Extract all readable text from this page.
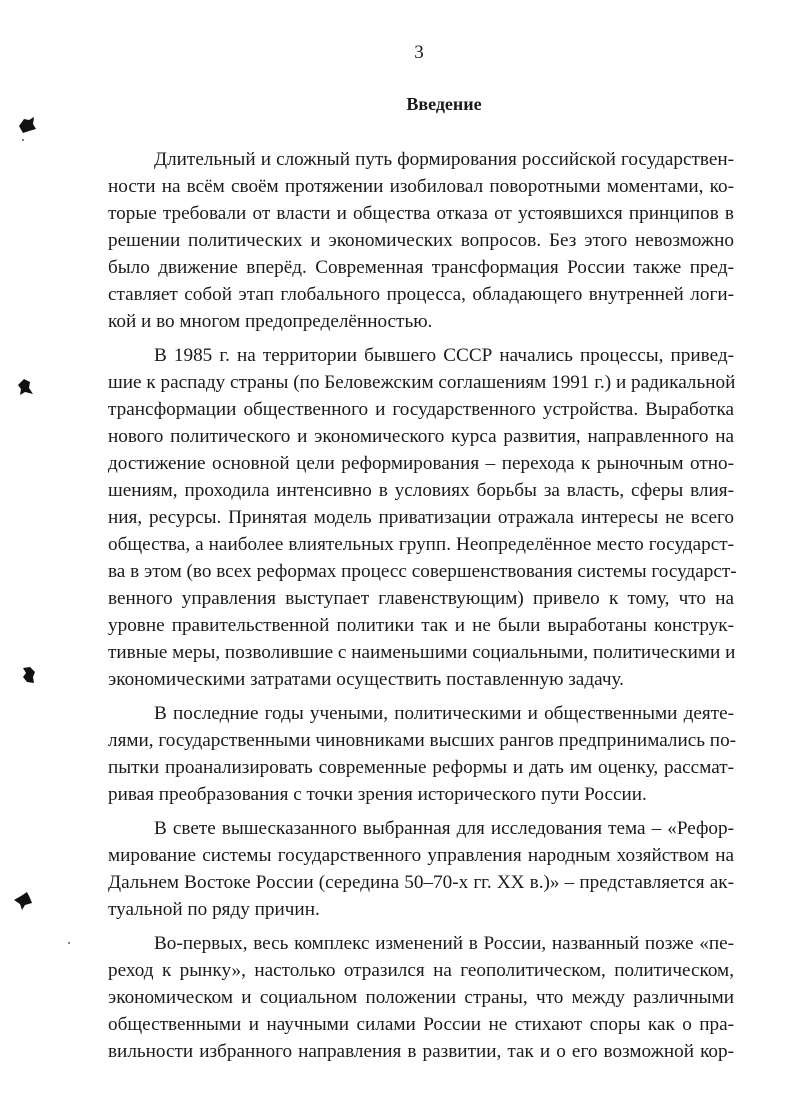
3
Введение
Длительный и сложный путь формирования российской государствен-
ности на всём своём протяжении изобиловал поворотными моментами, ко-
торые требовали от власти и общества отказа от устоявшихся принципов в
решении политических и экономических вопросов. Без этого невозможно
было движение вперёд. Современная трансформация России также пред-
ставляет собой этап глобального процесса, обладающего внутренней логи-
кой и во многом предопределённостью.
В 1985 г. на территории бывшего СССР начались процессы, привед-
шие к распаду страны (по Беловежским соглашениям 1991 г.) и радикальной
трансформации общественного и государственного устройства. Выработка
нового политического и экономического курса развития, направленного на
достижение основной цели реформирования – перехода к рыночным отно-
шениям, проходила интенсивно в условиях борьбы за власть, сферы влия-
ния, ресурсы. Принятая модель приватизации отражала интересы не всего
общества, а наиболее влиятельных групп. Неопределённое место государст-
ва в этом (во всех реформах процесс совершенствования системы государст-
венного управления выступает главенствующим) привело к тому, что на
уровне правительственной политики так и не были выработаны конструк-
тивные меры, позволившие с наименьшими социальными, политическими и
экономическими затратами осуществить поставленную задачу.
В последние годы учеными, политическими и общественными деяте-
лями, государственными чиновниками высших рангов предпринимались по-
пытки проанализировать современные реформы и дать им оценку, рассмат-
ривая преобразования с точки зрения исторического пути России.
В свете вышесказанного выбранная для исследования тема – «Рефор-
мирование системы государственного управления народным хозяйством на
Дальнем Востоке России (середина 50–70-х гг. XX в.)» – представляется ак-
туальной по ряду причин.
Во-первых, весь комплекс изменений в России, названный позже «пе-
реход к рынку», настолько отразился на геополитическом, политическом,
экономическом и социальном положении страны, что между различными
общественными и научными силами России не стихают споры как о пра-
вильности избранного направления в развитии, так и о его возможной кор-
